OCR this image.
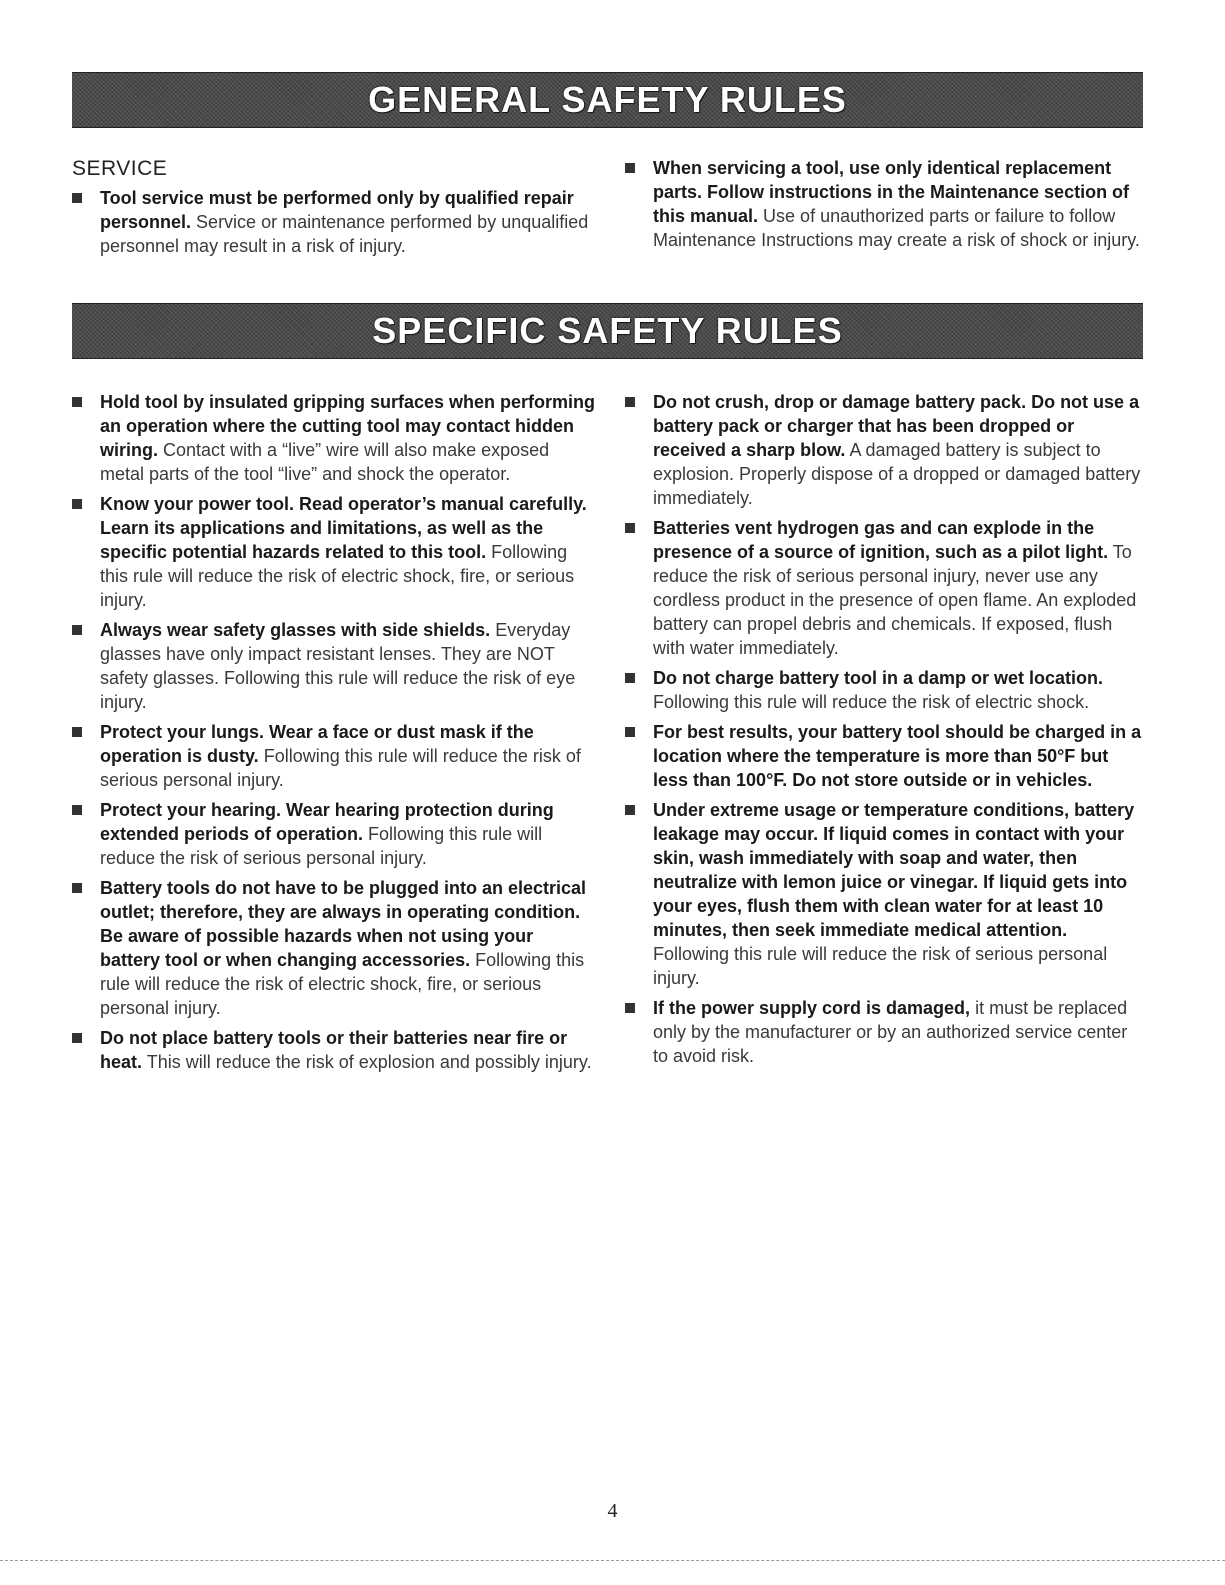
GENERAL SAFETY RULES
SERVICE
Tool service must be performed only by qualified repair personnel. Service or maintenance performed by unqualified personnel may result in a risk of injury.
When servicing a tool, use only identical replacement parts. Follow instructions in the Maintenance section of this manual. Use of unauthorized parts or failure to follow Maintenance Instructions may create a risk of shock or injury.
SPECIFIC SAFETY RULES
Hold tool by insulated gripping surfaces when performing an operation where the cutting tool may contact hidden wiring. Contact with a “live” wire will also make exposed metal parts of the tool “live” and shock the operator.
Know your power tool. Read operator’s manual carefully. Learn its applications and limitations, as well as the specific potential hazards related to this tool. Following this rule will reduce the risk of electric shock, fire, or serious injury.
Always wear safety glasses with side shields. Everyday glasses have only impact resistant lenses. They are NOT safety glasses. Following this rule will reduce the risk of eye injury.
Protect your lungs. Wear a face or dust mask if the operation is dusty. Following this rule will reduce the risk of serious personal injury.
Protect your hearing. Wear hearing protection during extended periods of operation. Following this rule will reduce the risk of serious personal injury.
Battery tools do not have to be plugged into an electrical outlet; therefore, they are always in operating condition. Be aware of possible hazards when not using your battery tool or when changing accessories. Following this rule will reduce the risk of electric shock, fire, or serious personal injury.
Do not place battery tools or their batteries near fire or heat. This will reduce the risk of explosion and possibly injury.
Do not crush, drop or damage battery pack. Do not use a battery pack or charger that has been dropped or received a sharp blow. A damaged battery is subject to explosion. Properly dispose of a dropped or damaged battery immediately.
Batteries vent hydrogen gas and can explode in the presence of a source of ignition, such as a pilot light. To reduce the risk of serious personal injury, never use any cordless product in the presence of open flame. An exploded battery can propel debris and chemicals. If exposed, flush with water immediately.
Do not charge battery tool in a damp or wet location. Following this rule will reduce the risk of electric shock.
For best results, your battery tool should be charged in a location where the temperature is more than 50°F but less than 100°F. Do not store outside or in vehicles.
Under extreme usage or temperature conditions, battery leakage may occur. If liquid comes in contact with your skin, wash immediately with soap and water, then neutralize with lemon juice or vinegar. If liquid gets into your eyes, flush them with clean water for at least 10 minutes, then seek immediate medical attention. Following this rule will reduce the risk of serious personal injury.
If the power supply cord is damaged, it must be replaced only by the manufacturer or by an authorized service center to avoid risk.
4
